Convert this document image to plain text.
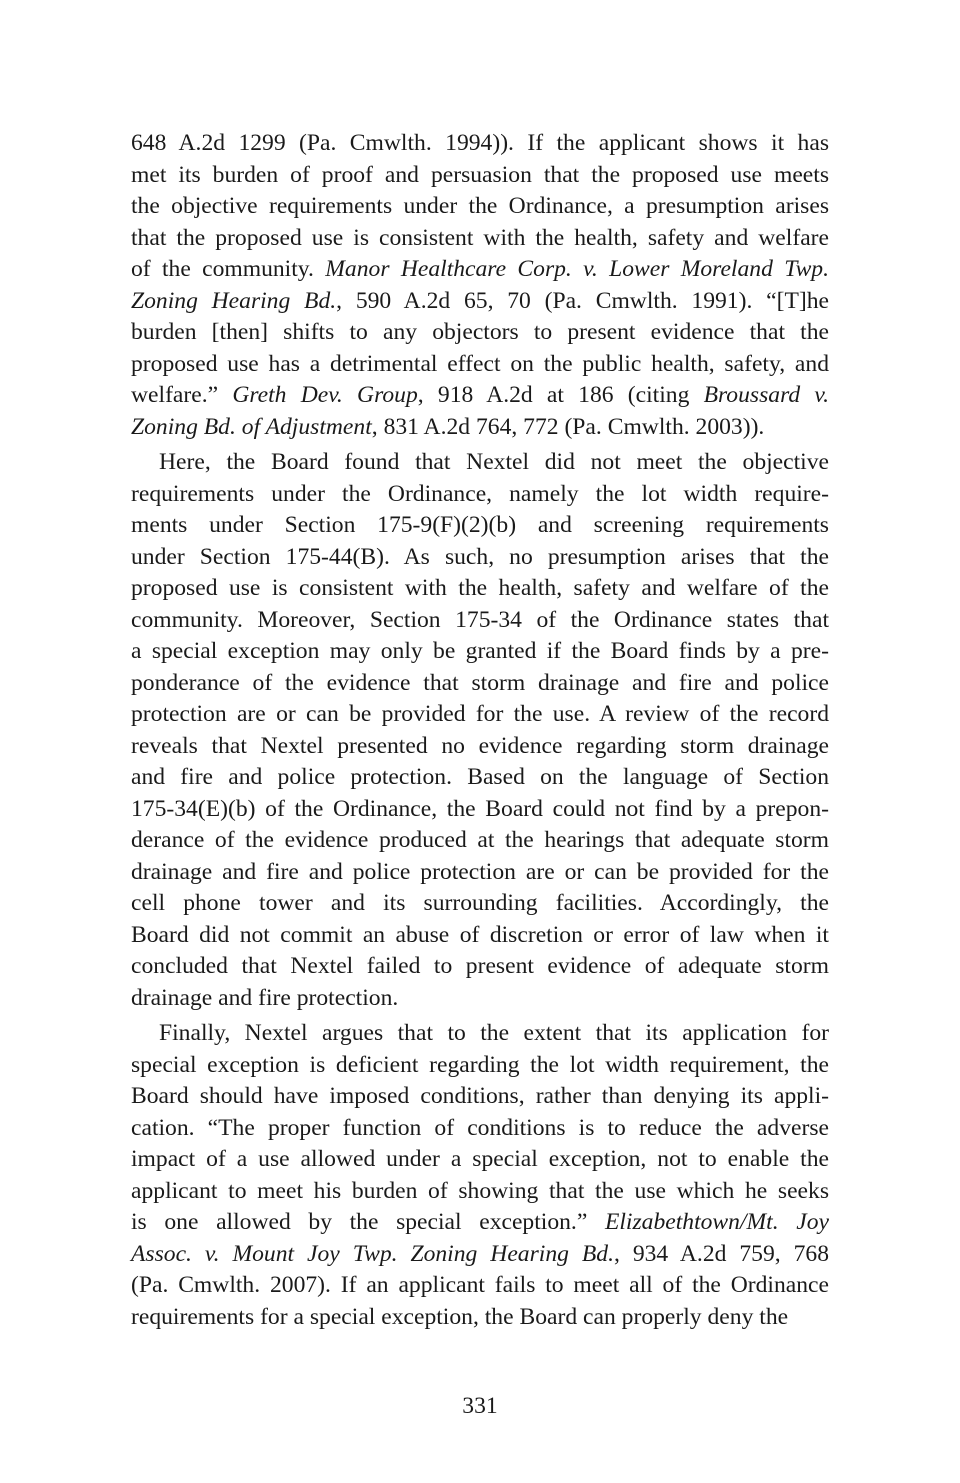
648 A.2d 1299 (Pa. Cmwlth. 1994)). If the applicant shows it has
met its burden of proof and persuasion that the proposed use meets
the objective requirements under the Ordinance, a presumption arises
that the proposed use is consistent with the health, safety and welfare
of the community. Manor Healthcare Corp. v. Lower Moreland Twp.
Zoning Hearing Bd., 590 A.2d 65, 70 (Pa. Cmwlth. 1991). “[T]he
burden [then] shifts to any objectors to present evidence that the
proposed use has a detrimental effect on the public health, safety, and
welfare.” Greth Dev. Group, 918 A.2d at 186 (citing Broussard v.
Zoning Bd. of Adjustment, 831 A.2d 764, 772 (Pa. Cmwlth. 2003)).
Here, the Board found that Nextel did not meet the objective
requirements under the Ordinance, namely the lot width require-
ments under Section 175-9(F)(2)(b) and screening requirements
under Section 175-44(B). As such, no presumption arises that the
proposed use is consistent with the health, safety and welfare of the
community. Moreover, Section 175-34 of the Ordinance states that
a special exception may only be granted if the Board finds by a pre-
ponderance of the evidence that storm drainage and fire and police
protection are or can be provided for the use. A review of the record
reveals that Nextel presented no evidence regarding storm drainage
and fire and police protection. Based on the language of Section
175-34(E)(b) of the Ordinance, the Board could not find by a prepon-
derance of the evidence produced at the hearings that adequate storm
drainage and fire and police protection are or can be provided for the
cell phone tower and its surrounding facilities. Accordingly, the
Board did not commit an abuse of discretion or error of law when it
concluded that Nextel failed to present evidence of adequate storm
drainage and fire protection.
Finally, Nextel argues that to the extent that its application for
special exception is deficient regarding the lot width requirement, the
Board should have imposed conditions, rather than denying its appli-
cation. “The proper function of conditions is to reduce the adverse
impact of a use allowed under a special exception, not to enable the
applicant to meet his burden of showing that the use which he seeks
is one allowed by the special exception.” Elizabethtown/Mt. Joy
Assoc. v. Mount Joy Twp. Zoning Hearing Bd., 934 A.2d 759, 768
(Pa. Cmwlth. 2007). If an applicant fails to meet all of the Ordinance
requirements for a special exception, the Board can properly deny the
331
